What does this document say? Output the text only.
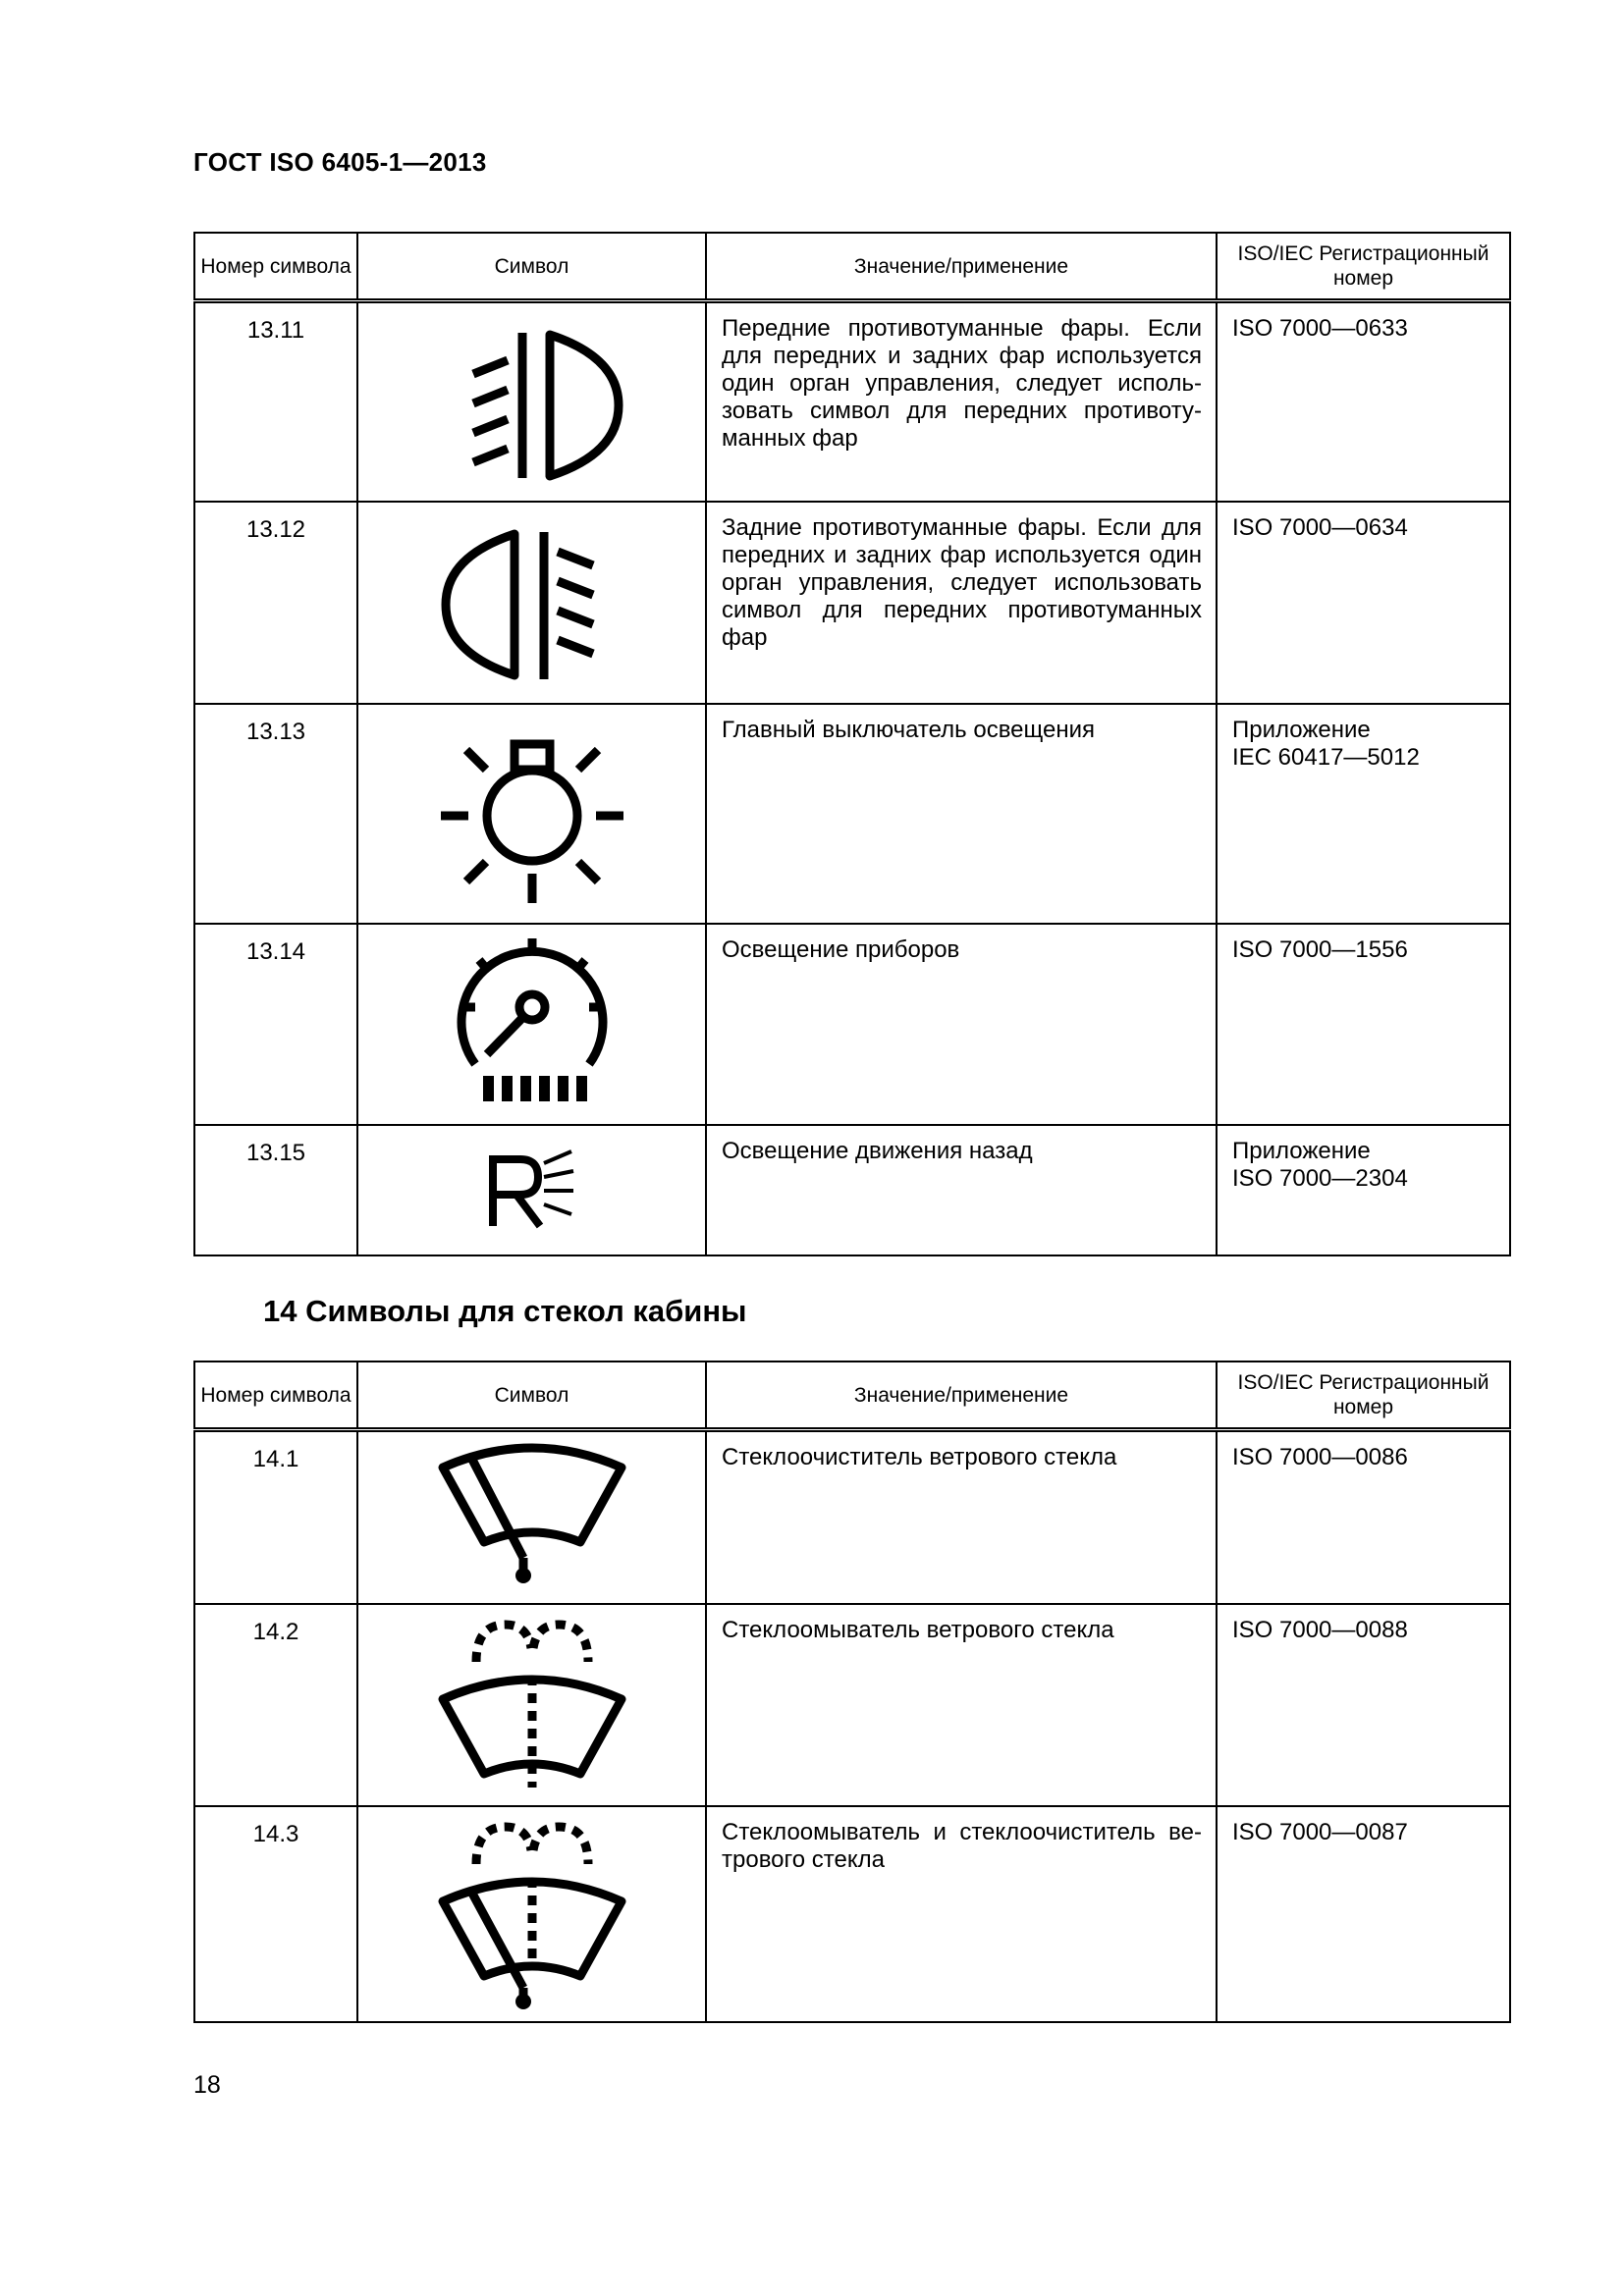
ГОСТ ISO 6405-1—2013
Номер символа	Символ	Значение/применение	ISO/IEC Регистрационный номер
13.11		Передние противотуманные фары. Если для передних и задних фар используется один орган управления, следует использовать символ для передних противотуманных фар	ISO 7000—0633

13.12		Задние противотуманные фары. Если для передних и задних фар используется один орган управления, следует использовать символ для передних противотуманных фар	ISO 7000—0634

13.13		Главный выключатель освещения	Приложение
IEC 60417—5012

13.14		Освещение приборов	ISO 7000—1556

13.15		Освещение движения назад	Приложение
ISO 7000—2304
14 Символы для стекол кабины
Номер символа	Символ	Значение/применение	ISO/IEC Регистрационный номер
14.1		Стеклоочиститель ветрового стекла	ISO 7000—0086

14.2		Стеклоомыватель ветрового стекла	ISO 7000—0088

14.3		Стеклоомыватель и стеклоочиститель ветрового стекла	ISO 7000—0087
18
